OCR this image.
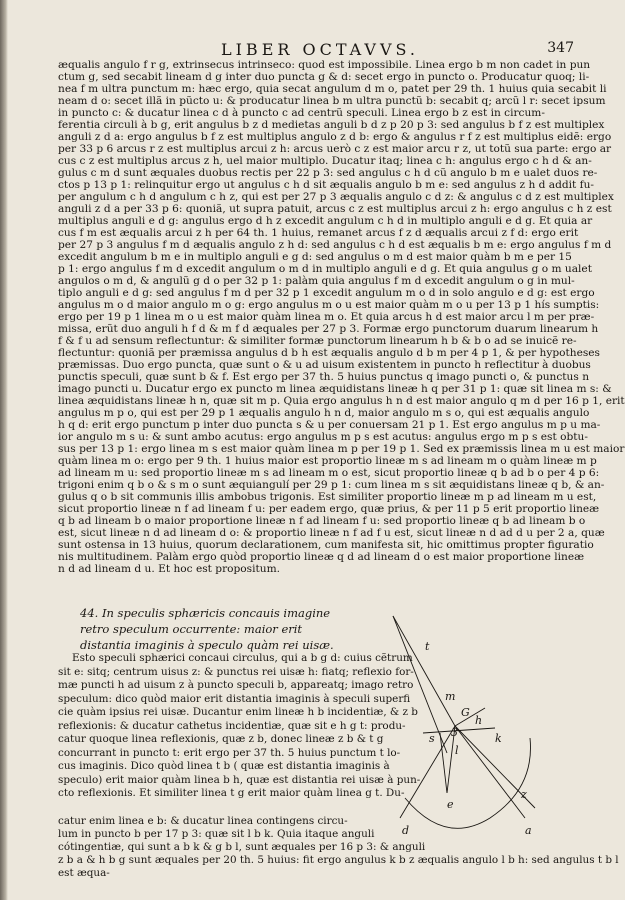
LIBER OCTAVVS.	347
æqualis angulo f r g, extrinsecus intrinseco: quod est impossibile. Linea ergo b m non cadet in pun
ctum g, sed secabit lineam d g inter duo puncta g & d: secet ergo in puncto o. Producatur quoq; li-
nea f m ultra punctum m: hæc ergo, quia secat angulum d m o, patet per 29 th. 1 huius quia secabit li
neam d o: secet illã in pũcto u: & producatur linea b m ultra punctũ b: secabit q; arcũ l r: secet ipsum
in puncto c: & ducatur linea c d à puncto c ad centrũ speculi. Linea ergo b z est in circum-
ferentia circuli à b g, erit angulus b z d medietas anguli b d z p 20 p 3: sed angulus b f z est multiplex
anguli z d a: ergo angulus b f z est multiplus angulo z d b: ergo & angulus r f z est multiplus eidẽ: ergo
per 33 p 6 arcus r z est multiplus arcui z h: arcus uerò c z est maior arcu r z, ut totũ sua parte: ergo ar
cus c z est multiplus arcus z h, uel maior multiplo. Ducatur itaq; linea c h: angulus ergo c h d & an-
gulus c m d sunt æquales duobus rectis per 22 p 3: sed angulus c h d cũ angulo b m e ualet duos re-
ctos p 13 p 1: relinquitur ergo ut angulus c h d sit æqualis angulo b m e: sed angulus z h d addit fu-
per angulum c h d angulum c h z, qui est per 27 p 3 æqualis angulo c d z: & angulus c d z est multiplex
anguli z d a per 33 p 6: quoniã, ut supra patuit, arcus c z est multiplus arcui z h: ergo angulus c h z est
multiplus anguli e d g: angulus ergo d h z excedit angulum c h d in multiplo anguli e d g. Et quia ar
cus f m est æqualis arcui z h per 64 th. 1 huius, remanet arcus f z d æqualis arcui z f d: ergo erit
per 27 p 3 angulus f m d æqualis angulo z h d: sed angulus c h d est æqualis b m e: ergo angulus f m d
excedit angulum b m e in multiplo anguli e g d: sed angulus o m d est maior quàm b m e per 15
p 1: ergo angulus f m d excedit angulum o m d in multiplo anguli e d g. Et quia angulus g o m ualet
angulos o m d, & angulũ g d o per 32 p 1: palàm quia angulus f m d excedit angulum o g in mul-
tiplo anguli e d g: sed angulus f m d per 32 p 1 excedit angulum m o d in solo angulo e d g: est ergo
angulus m o d maior angulo m o g: ergo angulus m o u est maior quàm m o u per 13 p 1 hís sumptis:
ergo per 19 p 1 linea m o u est maior quàm linea m o. Et quia arcus h d est maior arcu l m per præ-
missa, erũt duo anguli h f d & m f d æquales per 27 p 3. Formæ ergo punctorum duarum linearum h
f & f u ad sensum reflectuntur: & similiter formæ punctorum linearum h b & b o ad se inuicẽ re-
flectuntur: quoniã per præmissa angulus d b h est æqualis angulo d b m per 4 p 1, & per hypotheses
præmissas. Duo ergo puncta, quæ sunt o & u ad uisum existentem in puncto h reflectitur à duobus
punctis speculi, quæ sunt b & f. Est ergo per 37 th. 5 huius punctus q imago puncti o, & punctus n
imago puncti u. Ducatur ergo ex puncto m linea æquidistans lineæ h q per 31 p 1: quæ sit linea m s: &
linea æquidistans lineæ h n, quæ sit m p. Quia ergo angulus h n d est maior angulo q m d per 16 p 1, erit
angulus m p o, qui est per 29 p 1 æqualis angulo h n d, maior angulo m s o, qui est æqualis angulo
h q d: erit ergo punctum p inter duo puncta s & u per conuersam 21 p 1. Est ergo angulus m p u ma-
ior angulo m s u: & sunt ambo acutus: ergo angulus m p s est acutus: angulus ergo m p s est obtu-
sus per 13 p 1: ergo linea m s est maior quàm linea m p per 19 p 1. Sed ex præmissis linea m u est maior
quàm linea m o: ergo per 9 th. 1 huius maior est proportio lineæ m s ad lineam m o quàm lineæ m p
ad lineam m u: sed proportio lineæ m s ad lineam m o est, sicut proportio lineæ q b ad b o per 4 p 6:
trigoni enim q b o & s m o sunt æquiangulí per 29 p 1: cum linea m s sit æquidistans lineæ q b, & an-
gulus q o b sit communis illis ambobus trigonis. Est similiter proportio lineæ m p ad lineam m u est,
sicut proportio lineæ n f ad lineam f u: per eadem ergo, quæ prius, & per 11 p 5 erit proportio lineæ
q b ad lineam b o maior proportione lineæ n f ad lineam f u: sed proportio lineæ q b ad lineam b o
est, sicut lineæ n d ad lineam d o: & proportio lineæ n f ad f u est, sicut lineæ n d ad d u per 2 a, quæ
sunt ostensa in 13 huius, quorum declarationem, cum manifesta sit, hic omittimus propter figuratio
nis multitudinem. Palàm ergo quòd proportio lineæ q d ad lineam d o est maior proportione lineæ
n d ad lineam d u. Et hoc est propositum.
44. In speculis sphæricis concauis imagine retro speculum occurrente: maior erit distantia imaginis à speculo quàm rei uisæ.
Esto speculi sphærici concaui circulus, qui a b g d: cuius cẽtrum
sit e: sitq; centrum uisus z: & punctus rei uisæ h: fiatq; reflexio for-
mæ puncti h ad uisum z à puncto speculi b, appareatq; imago retro
speculum: dico quòd maior erit distantia imaginis à speculi superfi
cie quàm ipsius rei uisæ. Ducantur enim lineæ h b incidentiæ, & z b
reflexionis: & ducatur cathetus incidentiæ, quæ sit e h g t: produ-
catur quoque linea reflexionis, quæ z b, donec lineæ z b & t g
concurrant in puncto t: erit ergo per 37 th. 5 huius punctum t lo-
cus imaginis. Dico quòd linea t b ( quæ est distantia imaginis à
speculo) erit maior quàm linea b h, quæ est distantia rei uisæ à pun-
cto reflexionis. Et similiter linea t g erit maior quàm linea g t. Du-
catur enim linea e b: & ducatur linea contingens circu-
lum in puncto b per 17 p 3: quæ sit l b k. Quia itaque anguli
cótingentiæ, qui sunt a b k & g b l, sunt æquales per 16 p 3: & anguli
z b a & h b g sunt æquales per 20 th. 5 huius: fit ergo angulus k b z æqualis angulo l b h: sed angulus t b l
est æqua-
t
m
G
s
h
3	k
l
z
e
d	a
